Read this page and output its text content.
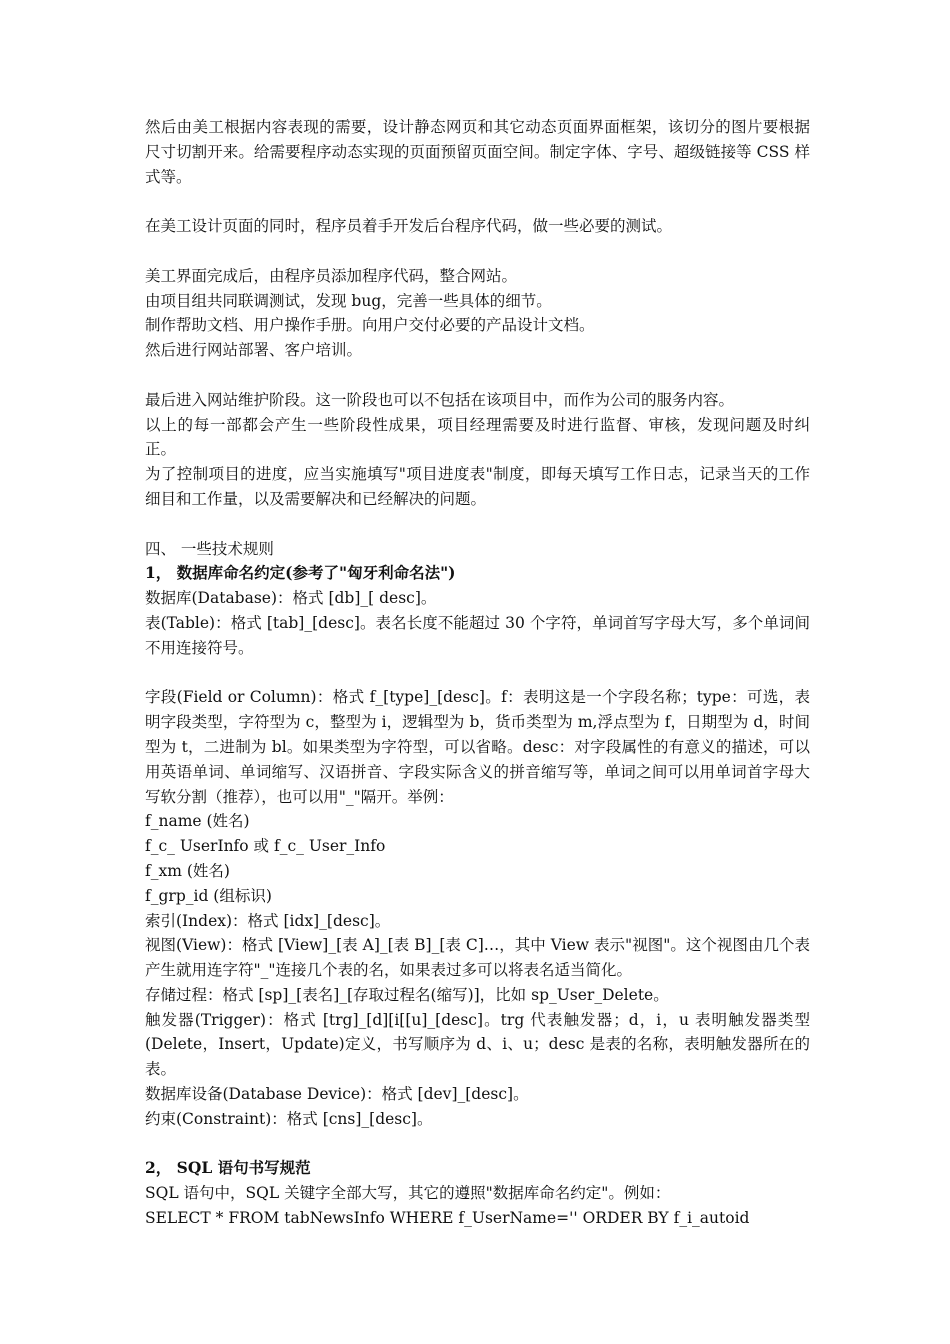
然后由美工根据内容表现的需要，设计静态网页和其它动态页面界面框架，该切分的图片要根据尺寸切割开来。给需要程序动态实现的页面预留页面空间。制定字体、字号、超级链接等 CSS 样式等。

在美工设计页面的同时，程序员着手开发后台程序代码，做一些必要的测试。

美工界面完成后，由程序员添加程序代码，整合网站。

由项目组共同联调测试，发现 bug，完善一些具体的细节。

制作帮助文档、用户操作手册。向用户交付必要的产品设计文档。

然后进行网站部署、客户培训。

最后进入网站维护阶段。这一阶段也可以不包括在该项目中，而作为公司的服务内容。

以上的每一部都会产生一些阶段性成果，项目经理需要及时进行监督、审核，发现问题及时纠正。

为了控制项目的进度，应当实施填写"项目进度表"制度，即每天填写工作日志，记录当天的工作细目和工作量，以及需要解决和已经解决的问题。

四、 一些技术规则

1， 数据库命名约定(参考了"匈牙利命名法")

数据库(Database)：格式 [db]_[ desc]。

表(Table)：格式 [tab]_[desc]。表名长度不能超过 30 个字符，单词首写字母大写，多个单词间不用连接符号。

字段(Field or Column)：格式 f_[type]_[desc]。f：表明这是一个字段名称；type：可选，表明字段类型，字符型为 c，整型为 i，逻辑型为 b，货币类型为 m,浮点型为 f，日期型为 d，时间型为 t，二进制为 bl。如果类型为字符型，可以省略。desc：对字段属性的有意义的描述，可以用英语单词、单词缩写、汉语拼音、字段实际含义的拼音缩写等，单词之间可以用单词首字母大写软分割（推荐），也可以用"_"隔开。举例：

f_name (姓名)

f_c_ UserInfo 或 f_c_ User_Info

f_xm (姓名)

f_grp_id (组标识)

索引(Index)：格式 [idx]_[desc]。

视图(View)：格式 [View]_[表 A]_[表 B]_[表 C]…，其中 View 表示"视图"。这个视图由几个表产生就用连字符"_"连接几个表的名，如果表过多可以将表名适当简化。

存储过程：格式 [sp]_[表名]_[存取过程名(缩写)]，比如 sp_User_Delete。

触发器(Trigger)：格式 [trg]_[d][i[[u]_[desc]。trg 代表触发器；d，i，u 表明触发器类型(Delete，Insert，Update)定义，书写顺序为 d、i、u；desc 是表的名称，表明触发器所在的表。

数据库设备(Database Device)：格式 [dev]_[desc]。

约束(Constraint)：格式 [cns]_[desc]。

2， SQL 语句书写规范

SQL 语句中，SQL 关键字全部大写，其它的遵照"数据库命名约定"。例如：

SELECT * FROM tabNewsInfo WHERE f_UserName='' ORDER BY f_i_autoid
